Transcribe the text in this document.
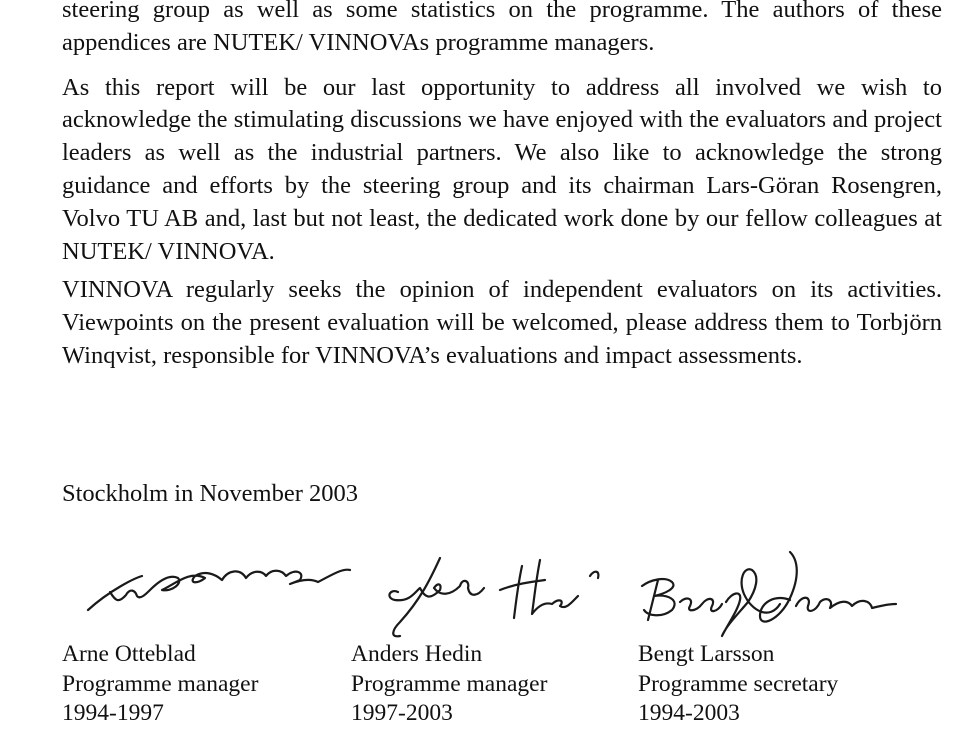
steering group as well as some statistics on the programme. The authors of these appendices are NUTEK/ VINNOVAs programme managers.

As this report will be our last opportunity to address all involved we wish to acknowledge the stimulating discussions we have enjoyed with the evaluators and project leaders as well as the industrial partners. We also like to acknowledge the strong guidance and efforts by the steering group and its chairman Lars-Göran Rosengren, Volvo TU AB and, last but not least, the dedicated work done by our fellow colleagues at NUTEK/ VINNOVA.

VINNOVA regularly seeks the opinion of independent evaluators on its activities. Viewpoints on the present evaluation will be welcomed, please address them to Torbjörn Winqvist, responsible for VINNOVA’s evaluations and impact assessments.

Stockholm in November 2003

Arne Otteblad
Programme manager
1994-1997
Anders Hedin
Programme manager
1997-2003
Bengt Larsson
Programme secretary
1994-2003
